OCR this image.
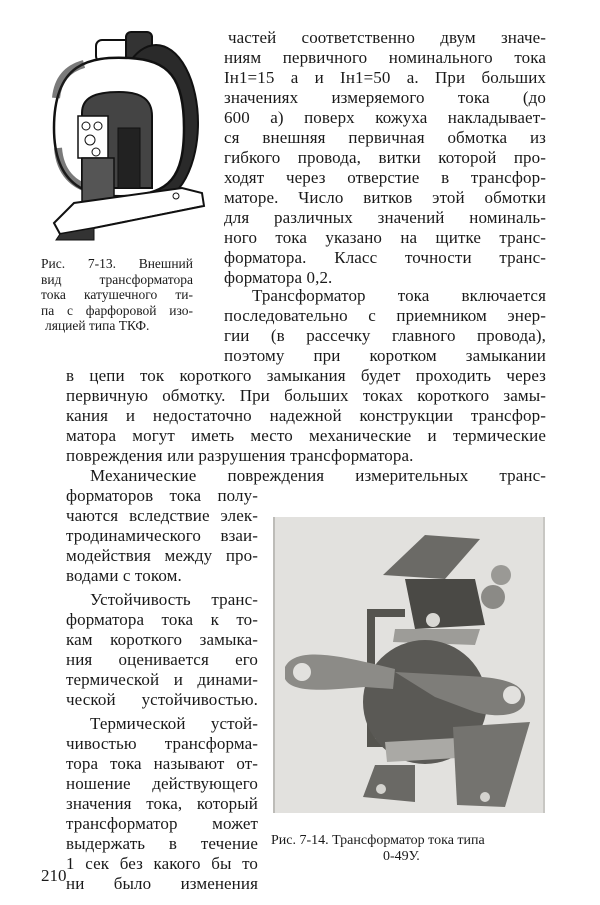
Рис. 7-13. Внешний
вид трансформатора
тока катушечного ти-
па с фарфоровой изо-
ляцией типа ТКФ.
частей соответственно двум значе-
ниям первичного номинального тока
Iн1=15 а и Iн1=50 а. При больших
значениях измеряемого тока (до
600 а) поверх кожуха накладывает-
ся внешняя первичная обмотка из
гибкого провода, витки которой про-
ходят через отверстие в трансфор-
маторе. Число витков этой обмотки
для различных значений номиналь-
ного тока указано на щитке транс-
форматора. Класс точности транс-
форматора 0,2.
Трансформатор тока включается
последовательно с приемником энер-
гии (в рассечку главного провода),
поэтому при коротком замыкании
в цепи ток короткого замыкания будет проходить через
первичную обмотку. При больших токах короткого замы-
кания и недостаточно надежной конструкции трансфор-
матора могут иметь место механические и термические
повреждения или разрушения трансформатора.
Механические повреждения измерительных транс-
форматоров тока полу-
чаются вследствие элек-
тродинамического взаи-
модействия между про-
водами с током.
Устойчивость транс-
форматора тока к то-
кам короткого замыка-
ния оценивается его
термической и динами-
ческой устойчивостью.
Термической устой-
чивостью трансформа-
тора тока называют от-
ношение действующего
значения тока, который
трансформатор может
выдержать в течение
1 сек без какого бы то
ни было изменения
Рис. 7-14. Трансформатор тока типа
0-49У.
210
